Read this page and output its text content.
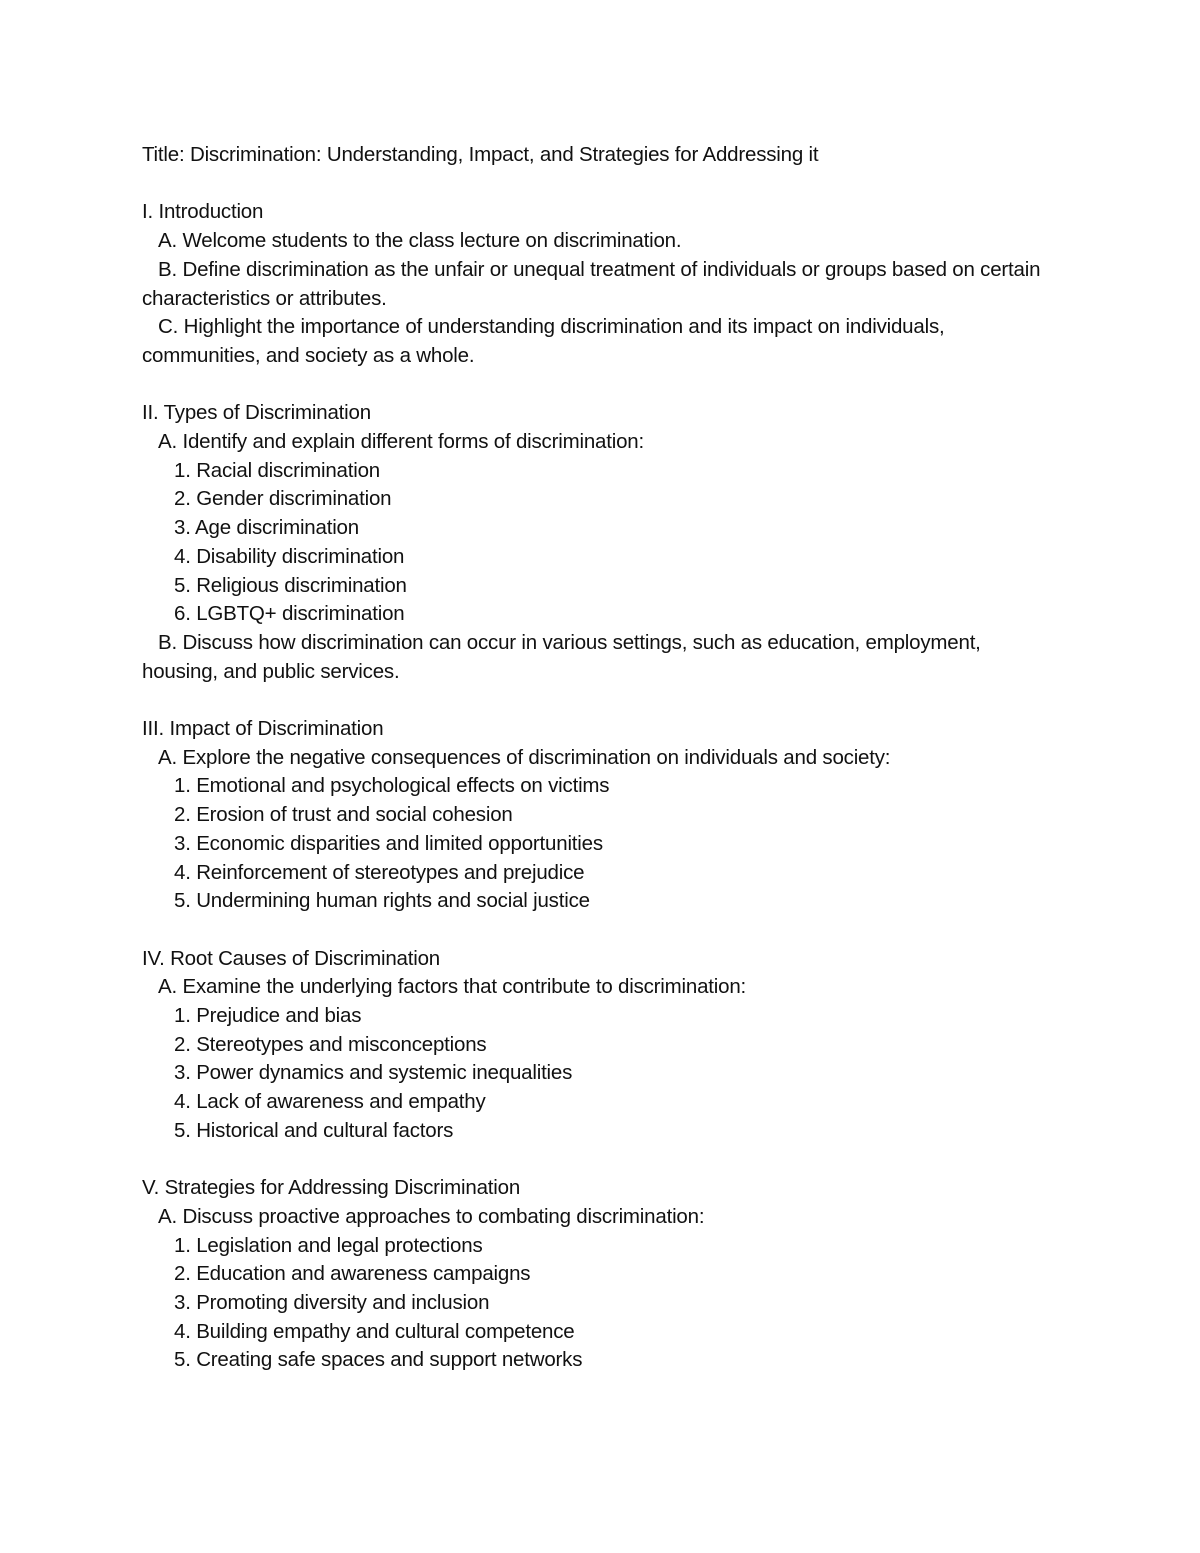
Title: Discrimination: Understanding, Impact, and Strategies for Addressing it

I. Introduction

A. Welcome students to the class lecture on discrimination.

B. Define discrimination as the unfair or unequal treatment of individuals or groups based on certain characteristics or attributes.

C. Highlight the importance of understanding discrimination and its impact on individuals, communities, and society as a whole.

II. Types of Discrimination

A. Identify and explain different forms of discrimination:

1. Racial discrimination

2. Gender discrimination

3. Age discrimination

4. Disability discrimination

5. Religious discrimination

6. LGBTQ+ discrimination

B. Discuss how discrimination can occur in various settings, such as education, employment, housing, and public services.

III. Impact of Discrimination

A. Explore the negative consequences of discrimination on individuals and society:

1. Emotional and psychological effects on victims

2. Erosion of trust and social cohesion

3. Economic disparities and limited opportunities

4. Reinforcement of stereotypes and prejudice

5. Undermining human rights and social justice

IV. Root Causes of Discrimination

A. Examine the underlying factors that contribute to discrimination:

1. Prejudice and bias

2. Stereotypes and misconceptions

3. Power dynamics and systemic inequalities

4. Lack of awareness and empathy

5. Historical and cultural factors

V. Strategies for Addressing Discrimination

A. Discuss proactive approaches to combating discrimination:

1. Legislation and legal protections

2. Education and awareness campaigns

3. Promoting diversity and inclusion

4. Building empathy and cultural competence

5. Creating safe spaces and support networks
